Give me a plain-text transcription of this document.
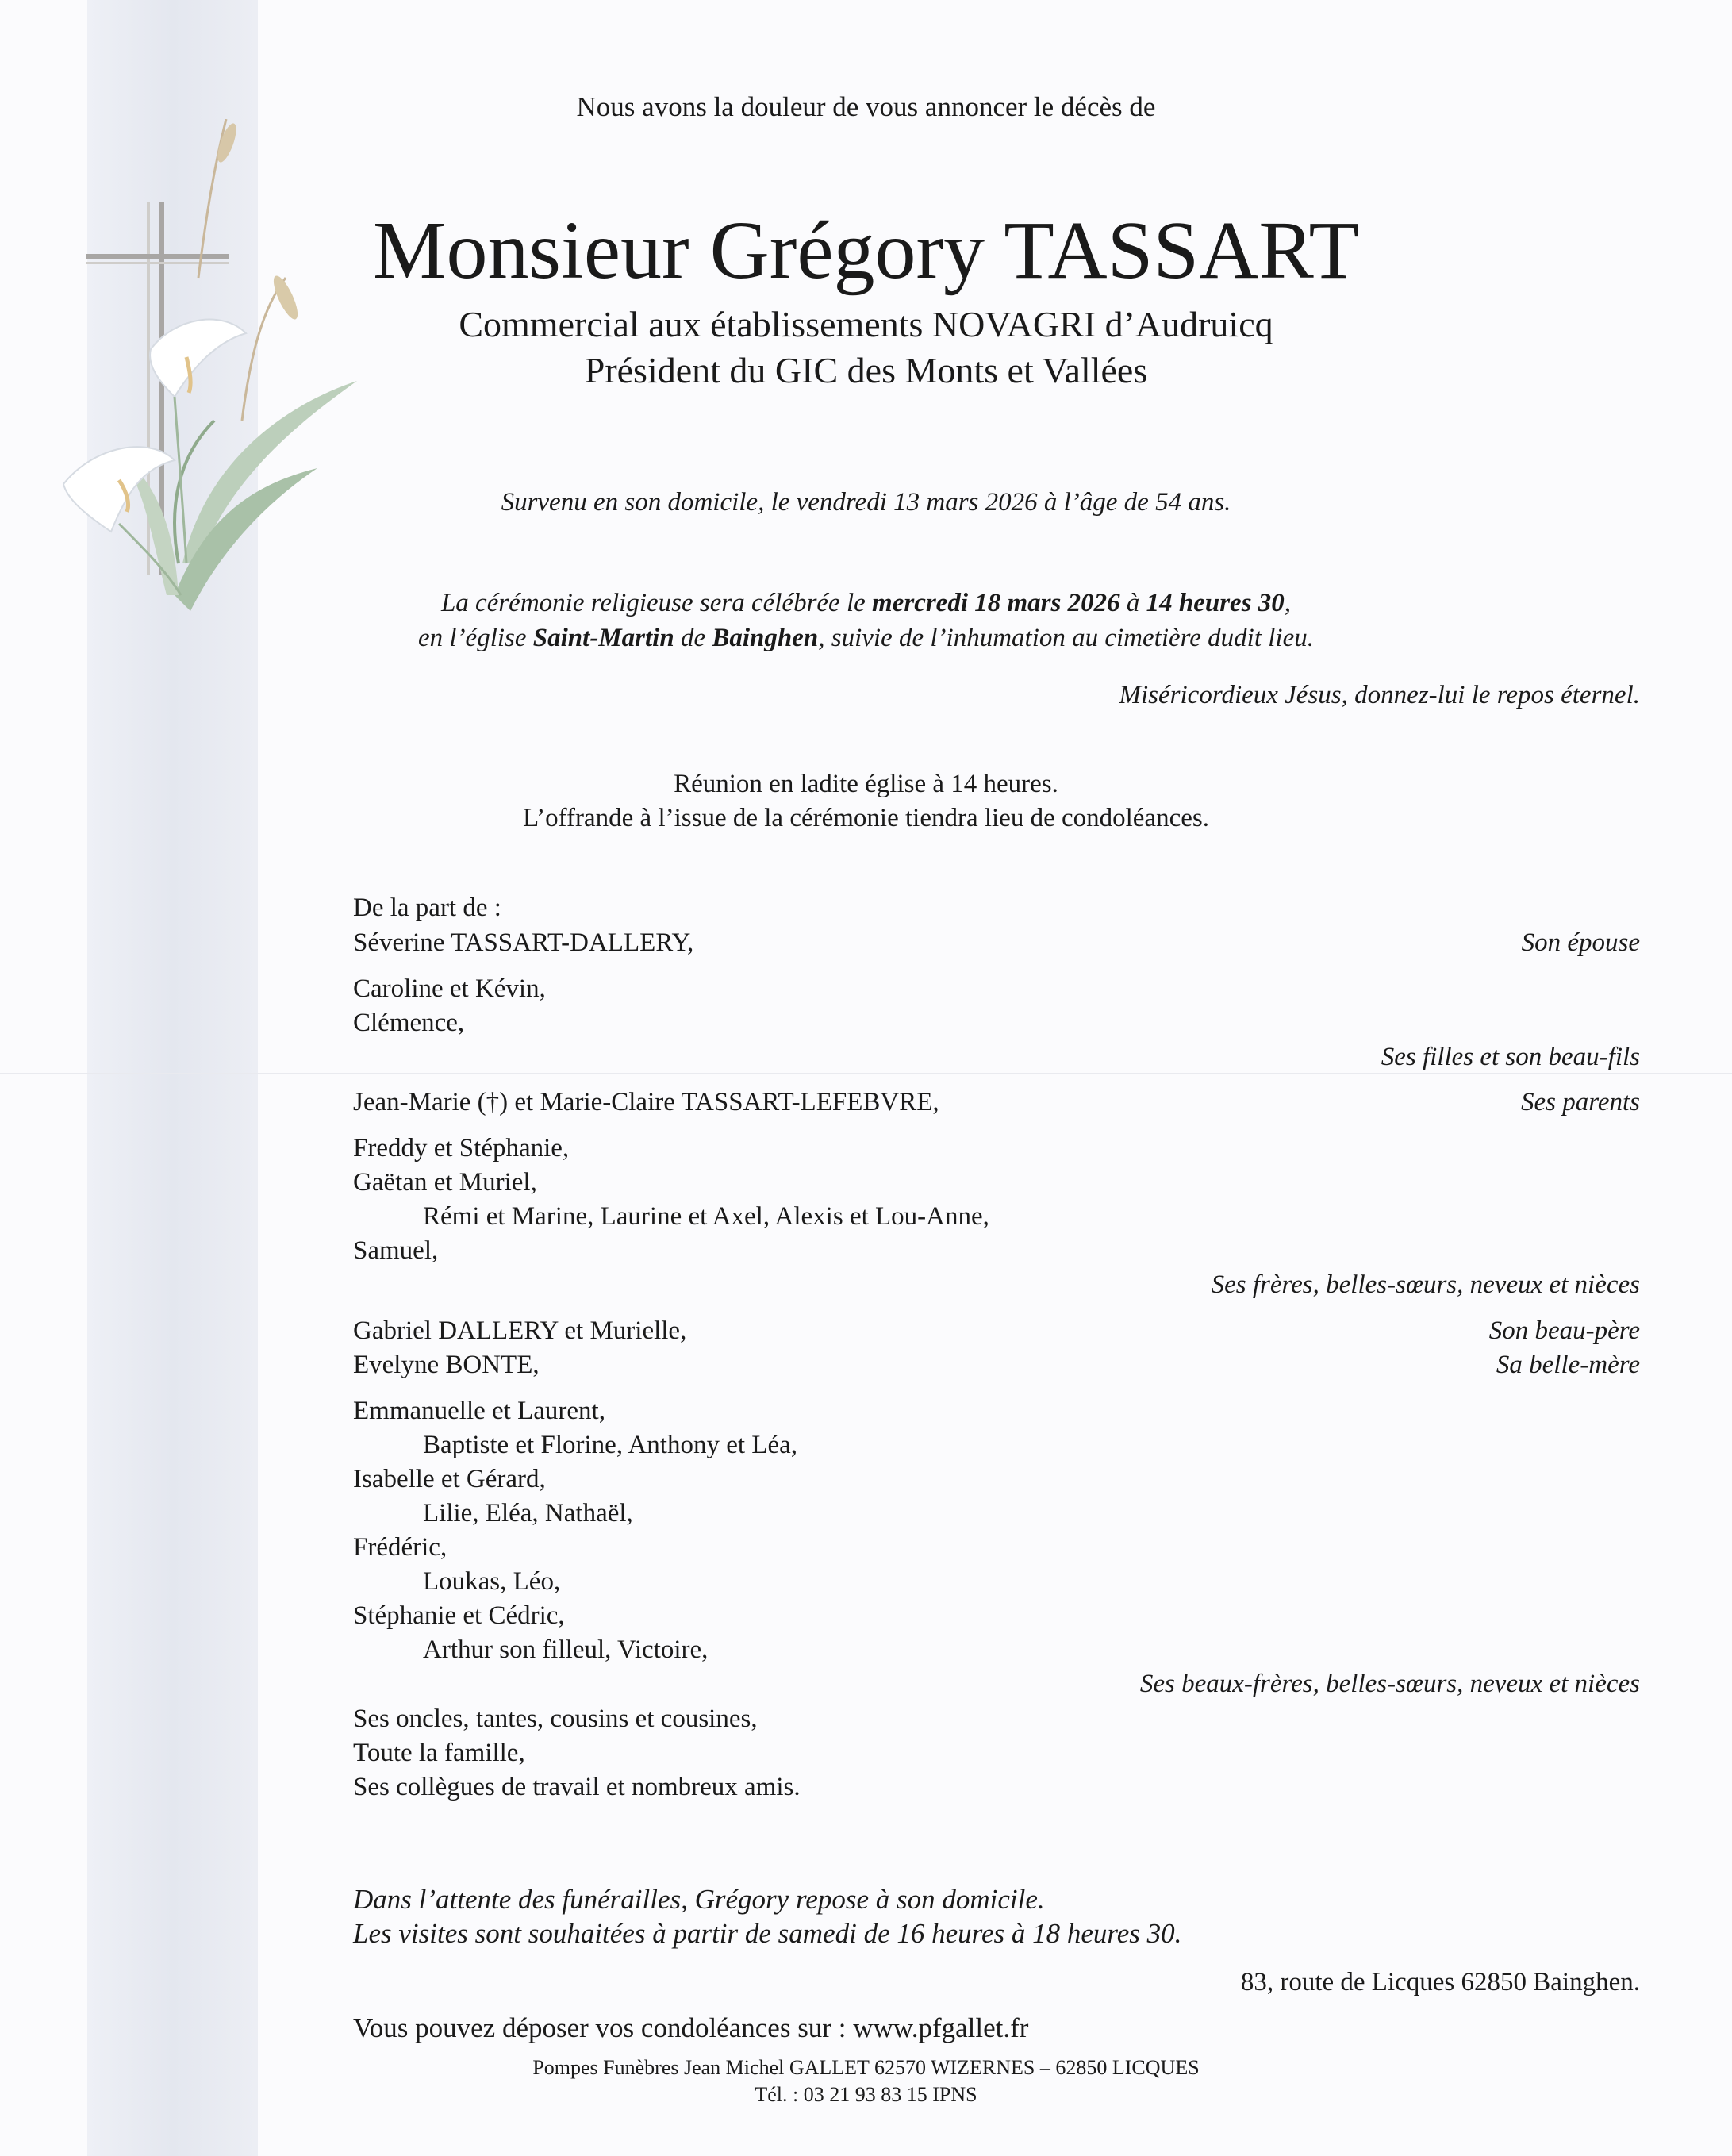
Nous avons la douleur de vous annoncer le décès de
Monsieur Grégory TASSART
Commercial aux établissements NOVAGRI d’Audruicq
Président du GIC des Monts et Vallées
Survenu en son domicile, le vendredi 13 mars 2026 à l’âge de 54 ans.
La cérémonie religieuse sera célébrée le mercredi 18 mars 2026 à 14 heures 30,
en l’église Saint-Martin de Bainghen, suivie de l’inhumation au cimetière dudit lieu.
Miséricordieux Jésus, donnez-lui le repos éternel.
Réunion en ladite église à 14 heures.
L’offrande à l’issue de la cérémonie tiendra lieu de condoléances.
De la part de :
Séverine TASSART-DALLERY,	Son épouse
Caroline et Kévin,
Clémence,
Ses filles et son beau-fils
Jean-Marie (†) et Marie-Claire TASSART-LEFEBVRE,	Ses parents
Freddy et Stéphanie,
Gaëtan et Muriel,
Rémi et Marine, Laurine et Axel, Alexis et Lou-Anne,
Samuel,
Ses frères, belles-sœurs, neveux et nièces
Gabriel DALLERY et Murielle,	Son beau-père
Evelyne BONTE,	Sa belle-mère
Emmanuelle et Laurent,
Baptiste et Florine, Anthony et Léa,
Isabelle et Gérard,
Lilie, Eléa, Nathaël,
Frédéric,
Loukas, Léo,
Stéphanie et Cédric,
Arthur son filleul, Victoire,
Ses beaux-frères, belles-sœurs, neveux et nièces
Ses oncles, tantes, cousins et cousines,
Toute la famille,
Ses collègues de travail et nombreux amis.
Dans l’attente des funérailles, Grégory repose à son domicile.
Les visites sont souhaitées à partir de samedi de 16 heures à 18 heures 30.
83, route de Licques 62850 Bainghen.
Vous pouvez déposer vos condoléances sur : www.pfgallet.fr
Pompes Funèbres Jean Michel GALLET 62570 WIZERNES – 62850 LICQUES
Tél. : 03 21 93 83 15 IPNS
